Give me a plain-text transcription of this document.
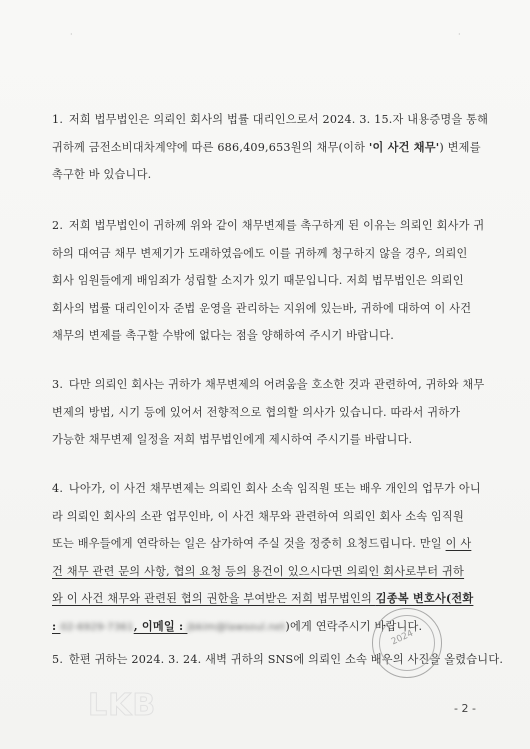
·	·
1. 저희 법무법인은 의뢰인 회사의 법률 대리인으로서 2024. 3. 15.자 내용증명을 통해
귀하께 금전소비대차계약에 따른 686,409,653원의 채무(이하 '이 사건 채무') 변제를
촉구한 바 있습니다.
2. 저희 법무법인이 귀하께 위와 같이 채무변제를 촉구하게 된 이유는 의뢰인 회사가 귀
하의 대여금 채무 변제기가 도래하였음에도 이를 귀하께 청구하지 않을 경우, 의뢰인
회사 임원들에게 배임죄가 성립할 소지가 있기 때문입니다. 저희 법무법인은 의뢰인
회사의 법률 대리인이자 준법 운영을 관리하는 지위에 있는바, 귀하에 대하여 이 사건
채무의 변제를 촉구할 수밖에 없다는 점을 양해하여 주시기 바랍니다.
3. 다만 의뢰인 회사는 귀하가 채무변제의 어려움을 호소한 것과 관련하여, 귀하와 채무
변제의 방법, 시기 등에 있어서 전향적으로 협의할 의사가 있습니다. 따라서 귀하가
가능한 채무변제 일정을 저희 법무법인에게 제시하여 주시기를 바랍니다.
4. 나아가, 이 사건 채무변제는 의뢰인 회사 소속 임직원 또는 배우 개인의 업무가 아니
라 의뢰인 회사의 소관 업무인바, 이 사건 채무와 관련하여 의뢰인 회사 소속 임직원
또는 배우들에게 연락하는 일은 삼가하여 주실 것을 정중히 요청드립니다. 만일 이 사
건 채무 관련 문의 사항, 협의 요청 등의 용건이 있으시다면 의뢰인 회사로부터 귀하
와 이 사건 채무와 관련된 협의 권한을 부여받은 저희 법무법인의 김종복 변호사(전화
: 02-6929-7361, 이메일 : jbkim@lawsoul.net)에게 연락주시기 바랍니다.
5. 한편 귀하는 2024. 3. 24. 새벽 귀하의 SNS에 의뢰인 소속 배우의 사진을 올렸습니다.
2024
LKB	- 2 -
